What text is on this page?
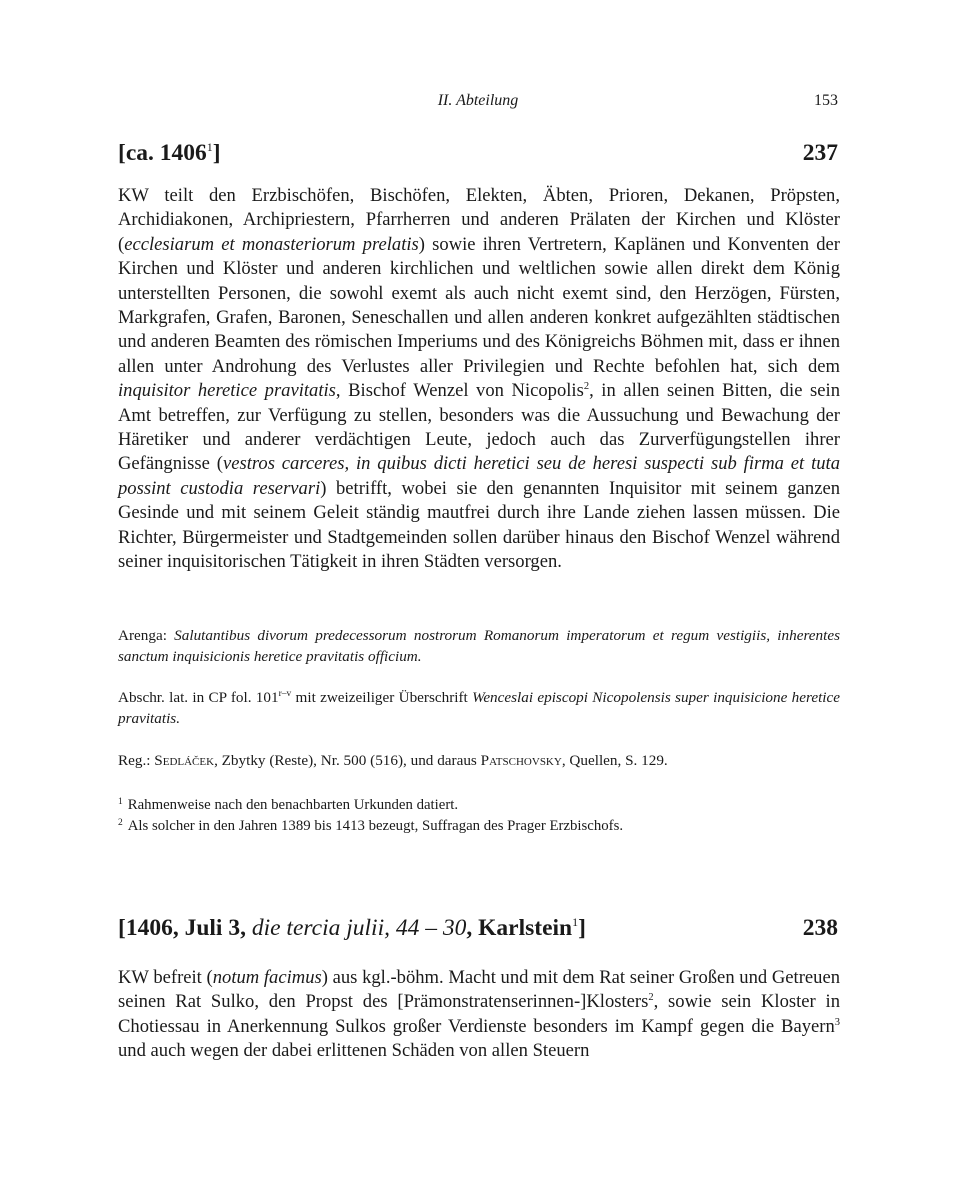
II. Abteilung	153
[ca. 1406$^1$]	237

KW teilt den Erzbischöfen, Bischöfen, Elekten, Äbten, Prioren, Dekanen, Pröpsten, Archidiakonen, Archipriestern, Pfarrherren und anderen Prälaten der Kirchen und Klöster (ecclesiarum et monasteriorum prelatis) sowie ihren Vertretern, Kaplänen und Konventen der Kirchen und Klöster und anderen kirchlichen und weltlichen sowie allen direkt dem König unterstellten Personen, die sowohl exemt als auch nicht exemt sind, den Herzögen, Fürsten, Markgrafen, Grafen, Baronen, Seneschallen und allen anderen konkret aufgezählten städtischen und anderen Beamten des römischen Imperiums und des Königreichs Böhmen mit, dass er ihnen allen unter Androhung des Verlustes aller Privilegien und Rechte befohlen hat, sich dem inquisitor heretice pravitatis, Bischof Wenzel von Nicopolis$^2$, in allen seinen Bitten, die sein Amt betreffen, zur Verfügung zu stellen, besonders was die Aussuchung und Bewachung der Häretiker und anderer verdächtigen Leute, jedoch auch das Zurverfügungstellen ihrer Gefängnisse (vestros carceres, in quibus dicti heretici seu de heresi suspecti sub firma et tuta possint custodia reservari) betrifft, wobei sie den genannten Inquisitor mit seinem ganzen Gesinde und mit seinem Geleit ständig mautfrei durch ihre Lande ziehen lassen müssen. Die Richter, Bürgermeister und Stadtgemeinden sollen darüber hinaus den Bischof Wenzel während seiner inquisitorischen Tätigkeit in ihren Städten versorgen.

Arenga: Salutantibus divorum predecessorum nostrorum Romanorum imperatorum et regum vestigiis, inherentes sanctum inquisicionis heretice pravitatis officium.

Abschr. lat. in CP fol. 101$^{r-v}$ mit zweizeiliger Überschrift Wenceslai episcopi Nicopolensis super inquisicione heretice pravitatis.

Reg.: Sedláček, Zbytky (Reste), Nr. 500 (516), und daraus Patschovsky, Quellen, S. 129.

$^1$ Rahmenweise nach den benachbarten Urkunden datiert.

$^2$ Als solcher in den Jahren 1389 bis 1413 bezeugt, Suffragan des Prager Erzbischofs.

[1406, Juli 3, die tercia julii, 44 – 30, Karlstein$^1$]	238

KW befreit (notum facimus) aus kgl.-böhm. Macht und mit dem Rat seiner Großen und Getreuen seinen Rat Sulko, den Propst des [Prämonstratenserinnen-]Klosters$^2$, sowie sein Kloster in Chotiessau in Anerkennung Sulkos großer Verdienste besonders im Kampf gegen die Bayern$^3$ und auch wegen der dabei erlittenen Schäden von allen Steuern
